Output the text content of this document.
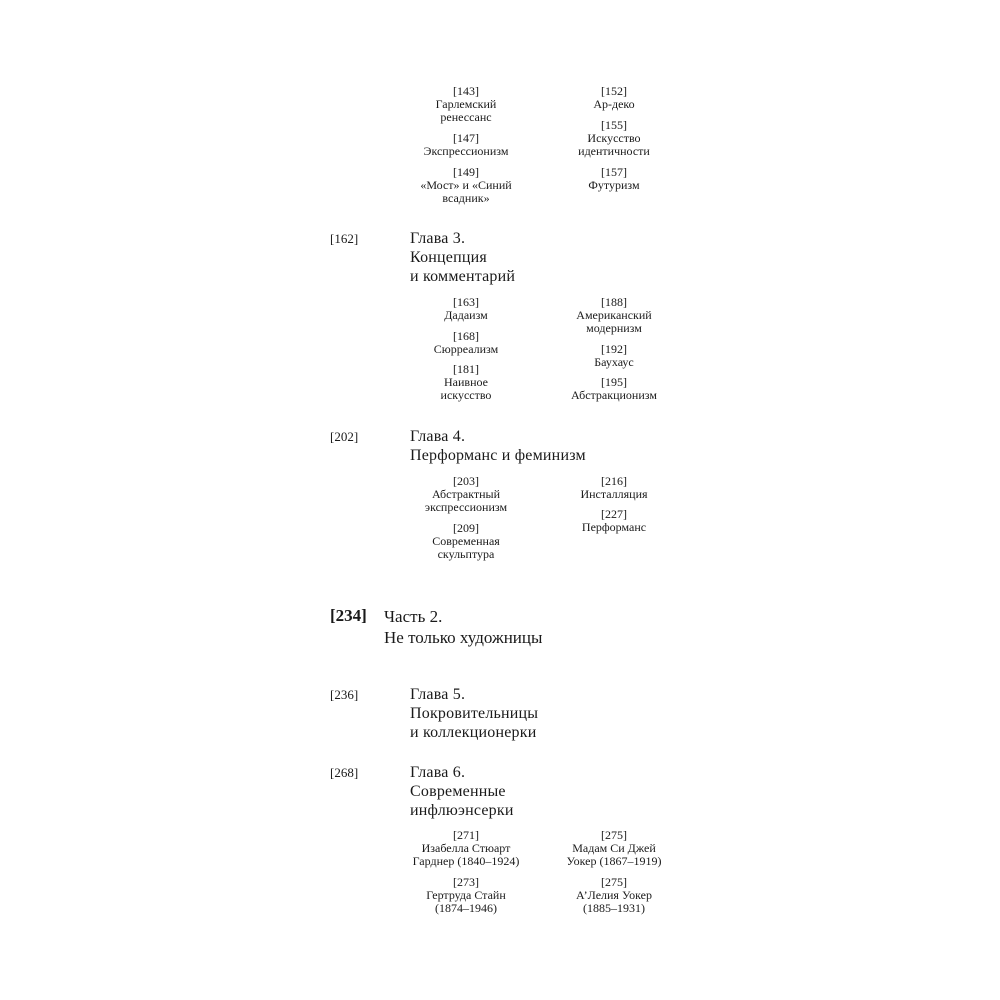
[143]
Гарлемский
ренессанс
[147]
Экспрессионизм
[149]
«Мост» и «Синий
всадник»
[152]
Ар-деко
[155]
Искусство
идентичности
[157]
Футуризм
[162]	Глава 3.
Концепция
и комментарий
[163]
Дадаизм
[168]
Сюрреализм
[181]
Наивное
искусство
[188]
Американский
модернизм
[192]
Баухаус
[195]
Абстракционизм
[202]	Глава 4.
Перформанс и феминизм
[203]
Абстрактный
экспрессионизм
[209]
Современная
скульптура
[216]
Инсталляция
[227]
Перформанс
[234] Часть 2.
Не только художницы
[236]	Глава 5.
Покровительницы
и коллекционерки
[268]	Глава 6.
Современные
инфлюэнсерки
[271]
Изабелла Стюарт
Гарднер (1840–1924)
[273]
Гертруда Стайн
(1874–1946)
[275]
Мадам Си Джей
Уокер (1867–1919)
[275]
А’Лелия Уокер
(1885–1931)
